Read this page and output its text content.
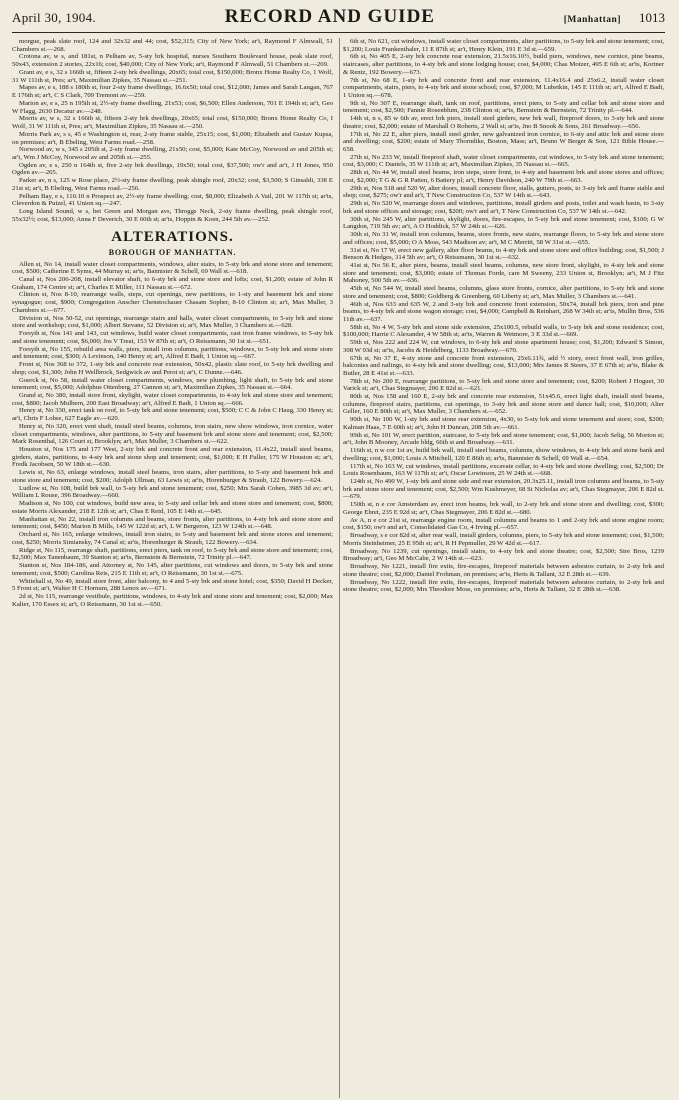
April 30, 1904.	RECORD AND GUIDE	[Manhattan] 1013

morgue, peak slate roof, 124 and 32x32 and 44; cost, $52,315; City of New York; ar't, Raymond F Almwall, 51 Chambers st.—268.

Crotona av, w s, and 181st, n Pelham av, 5-sty brk hospital, nurses Southern Boulevard house, peak slate roof, 50x43, extension 2 stories, 22x16; cost, $40,000; City of New York; ar't, Raymond F Almwall, 51 Chambers st.—269.

Grant av, e s, 32 s 166th st, fifteen 2-sty brk dwellings, 20x65; total cost, $150,000; Bronx Home Realty Co, 1 Wolf, 31 W 111th st, Pres; ar't, Maximilian Zipkes, 35 Nassau st.—251.

Mapes av, e s, 188 s 180th st, four 2-sty frame dwellings, 16.6x50; total cost, $12,000; James and Sarah Langan, 767 E 176th st; ar't, C S Clark, 709 Tremont av.—259.

Marion av, e s, 25 n 195th st, 2½-sty frame dwelling, 21x53; cost, $6,500; Ellen Anderson, 701 E 194th st; ar't, Geo W Flagg, 2630 Decatur av.—248.

Morris av, w s, 32 s 166th st, fifteen 2-sty brk dwellings, 20x65; total cost, $150,000; Bronx Home Realty Co, I Wolf, 31 W 111th st, Pres; ar't, Maximilian Zipkes, 35 Nassau st.—250.

Morris Park av, s s, 45 e Washington st, rear, 2-sty frame stable, 25x15; cost, $1,000; Elizabeth and Gustav Kupsa, on premises; ar't, B Ebeling, West Farms road.—258.

Norwood av, w s, 345 s 205th st, 2-sty frame dwelling, 21x50; cost, $5,000; Kate McCoy, Norwood av and 205th st; ar't, Wm J McCoy, Norwood av and 205th st.—255.

Ogden av, e s, 250 n 164th st, five 2-sty brk dwellings, 19x50; total cost, $37,500; ow'r and ar't, J H Jones, 950 Ogden av.—265.

Parker av, n s, 125 w Rose place, 2½-sty frame dwelling, peak shingle roof, 20x32; cost, $3,500; S Ginsaldi, 338 E 21st st; ar't, B Ebeling, West Farms road.—256.

Pelham Bay, e s, 110.10 n Prospect av, 2½-sty frame dwelling; cost, $8,000; Elizabeth A Vail, 201 W 117th st; ar'ts, Cleverdon & Putzel, 41 Union sq.—247.

Long Island Sound, w s, bet Green and Morgan avs, Throggs Neck, 2-sty frame dwelling, peak shingle roof, 55x32½; cost, $13,000; Anna F Deverich, 30 E 60th st; ar'ts, Hoppin & Koen, 244 5th av.—252.

ALTERATIONS.
BOROUGH OF MANHATTAN.

Allen st, No 14, install water closet compartments, windows, alter stairs, to 5-sty brk and stone store and tenement; cost, $500; Catherine E Syms, 44 Murray st; ar'ts, Bannister & Schell, 69 Wall st.—618.

Canal st, Nos 206-208, install elevator shaft, to 6-sty brk and stone store and lofts; cost, $1,200; estate of John R Graham, 174 Centre st; ar't, Charles E Miller, 111 Nassau st.—672.

Clinton st, Nos 8-10, rearrange walls, steps, cut openings, new partitions, to 1-sty and basement brk and stone synagogue; cost, $900; Congregation Anscher Chenstochauer Chasam Sopher, 8-10 Clinton st; ar't, Max Muller, 3 Chambers st.—677.

Division st, Nos 50-52, cut openings, rearrange stairs and halls, water closet compartments, to 5-sty brk and stone store and workshop; cost, $1,000; Albert Stevane, 52 Division st; ar't, Max Muller, 3 Chambers st.—628.

Forsyth st, Nos 141 and 143, cut windows, build water closet compartments, cast iron frame windows, to 5-sty brk and stone tenement; cost, $6,000; Jos V Treat, 153 W 87th st; ar't, O Reissmann, 30 1st st.—651.

Forsyth st, No 155, rebuild area walls, piers, install iron columns, partitions, windows, to 5-sty brk and stone store and tenement; cost, $300; A Levinson, 140 Henry st; ar't, Alfred E Badt, 1 Union sq.—667.

Front st, Nos 368 to 372, 1-sty brk and concrete rear extension, 50x42, plastic slate roof, to 5-sty brk dwelling and shop; cost, $1,300; John H Wellbrock, Sedgwick av and Perot st; ar't, C Dunne.—646.

Goerck st, No 58, install water closet compartments, windows, new plumbing, light shaft, to 5-sty brk and stone tenement; cost, $5,000; Adolphus Ottenberg, 27 Cannon st; ar't, Maximilian Zipkes, 35 Nassau st.—664.

Grand st, No 380, install store front, skylight, water closet compartments, to 4-sty brk and stone store and tenement; cost, $800; Jacob Mulbern, 200 East Broadway; ar't, Alfred E Badt, 1 Union sq.—666.

Henry st, No 330, erect tank on roof, to 5-sty brk and stone tenement; cost, $500; C C & John C Haug, 330 Henry st; ar't, Chris F Lohse, 627 Eagle av.—620.

Henry st, No 320, erect vent shaft, install steel beams, columns, iron stairs, new show windows, iron cornice, water closet compartments, windows, alter partitions, to 5-sty and basement brk and stone store and tenement; cost, $2,500; Mark Rosenthal, 126 Court st, Brooklyn; ar't, Max Muller, 3 Chambers st.—622.

Houston st, Nos 175 and 177 West, 2-sty brk and concrete front and rear extension, 11.4x22, install steel beams, girders, stairs, partitions, to 4-sty brk and stone shop and tenement; cost, $1,000; E H Fuller, 175 W Houston st; ar't, Fredk Jacobsen, 50 W 18th st.—630.

Lewis st, No 63, enlarge windows, install steel beams, iron stairs, alter partitions, to 5-sty and basement brk and stone store and tenement; cost, $200; Adolph Ullman, 63 Lewis st; ar'ts, Horenburger & Straub, 122 Bowery.—624.

Ludlow st, No 108, build brk wall, to 5-sty brk and stone tenement; cost, $250; Mrs Sarah Cohen, 3985 3d av; ar't, William L Rouse, 396 Broadway.—660.

Madison st, No 100, cut windows, build new area, to 5-sty and cellar brk and stone store and tenement; cost, $800; estate Morris Alexander, 218 E 12th st; ar't, Chas E Reid, 105 E 14th st.—645.

Manhattan st, No 22, install iron columns and beams, store fronts, alter partitions, to 4-sty brk and stone store and tenement; cost, $450; Marion B Mills, 145 W 122d st; ar't, L W Bergeron, 123 W 124th st.—648.

Orchard st, No 165, enlarge windows, install iron stairs, to 5-sty and basement brk and stone stores and tenement; cost, $250; Morris Simiansky, 74 Canal st; ar'ts, Horenburger & Straub, 122 Bowery.—634.

Ridge st, No 115, rearrange shaft, partitions, erect piers, tank on roof, to 5-sty brk and stone store and tenement; cost, $2,500; Max Tanenbaum, 39 Stanton st; ar'ts, Bernstein & Bernstein, 72 Trinity pl.—647.

Stanton st, Nos 184-186, and Attorney st, No 145, alter partitions, cut windows and doors, to 5-sty brk and stone tenement; cost, $500; Carolina Reis, 215 E 11th st; ar't, O Reissmann, 30 1st st.—675.

Whitehall st, No 49, install store front, alter balcony, to 4 and 5-sty brk and stone hotel; cost, $350; David H Decker, 5 Front st; ar't, Walter H C Hornum, 288 Lenox av.—671.

2d st, No 115, rearrange vestibule, partitions, windows, to 4-sty brk and stone store and tenement; cost, $2,000; Max Kalter, 170 Essex st; ar't, O Reissmann, 30 1st st.—650.

6th st, No 621, cut windows, install water closet compartments, alter partitions, to 5-sty brk and stone tenement; cost, $1,200; Louis Frankenthaler, 11 E 87th st; ar't, Henry Klein, 191 E 3d st.—659.

6th st, No 405 E, 2-sty brk concrete rear extension, 21.5x16.10½, build piers, windows, new cornice, pine beams, staircases, alter partitions, to 4-sty brk and stone lodging house; cost, $4,000; Chas Motzer, 495 E 6th st; ar'ts, Kortner & Rentz, 192 Bowery.—673.

7th st, No 68 E, 1-sty brk and concrete front and rear extension, 11.4x16.4 and 25x6.2, install water closet compartments, stairs, piers, to 4-sty brk and stone school; cost, $7,000; M Lubetkin, 145 E 111th st; ar't, Alfred E Badt, 1 Union sq.—678.

9th st, No 307 E, rearrange shaft, tank on roof, partitions, erect piers, to 5-sty and cellar brk and stone store and tenement; cost, $2,500; Fannie Rosenblum, 238 Clinton st; ar'ts, Bernstein & Bernstein, 72 Trinity pl.—644.

14th st, n s, 85 w 6th av, erect brk piers, install steel girders, new brk wall, fireproof doors, to 3-sty brk and stone theatre; cost, $2,000; estate of Marshall O Roberts, 2 Wall st; ar'ts, Jno B Snook & Sons, 261 Broadway.—656.

17th st, No 22 E, alter piers, install steel girder, new galvanized iron cornice, to 6-sty and attic brk and stone store and dwelling; cost, $200; estate of Mary Thorndike, Boston, Mass; ar't, Bruno W Berger & Son, 121 Bible House.—658.

27th st, No 233 W, install fireproof shaft, water closet compartments, cut windows, to 5-sty brk and stone tenement; cost, $3,000; C Daniels, 35 W 111th st; ar't, Maximilian Zipkes, 35 Nassau st.—665.

28th st, No 44 W, install steel beams, iron steps, store front, to 4-sty and basement brk and stone stores and offices; cost, $2,000; T G & G R Patten, 6 Battery pl; ar't, Henry Davidson, 240 W 79th st.—663.

29th st, Nos 518 and 520 W, alter doors, install concrete floor, stalls, gutters, posts, to 3-sty brk and frame stable and shop; cost, $275; ow'r and ar't, T New Construction Co, 537 W 14th st.—643.

29th st, No 520 W, rearrange doors and windows, partitions, install girders and posts, toilet and wash basin, to 3-sty brk and stone offices and storage; cost, $200; ow'r and ar't, T New Construction Co, 537 W 14th st.—642.

30th st, No 245 W, alter partitions, skylight, doors, fire-escapes, to 5-sty brk and stone tenement; cost, $100; G W Langdon, 719 5th av; ar't, A O Hoddick, 57 W 24th st.—626.

30th st, No 31 W, install iron columns, beams, store fronts, new stairs, rearrange floors, to 5-sty brk and stone store and offices; cost, $5,000; O A Moss, 543 Madison av; ar't, M C Merritt, 58 W 31st st.—655.

31st st, No 17 W, erect new gallery, alter floor beams, to 4-sty brk and stone store and office building; cost, $1,500; J Benson & Hedges, 314 5th av; ar't, O Reissmann, 30 1st st.—632.

41st st, No 56 E, alter piers, beams, install steel beams, columns, new store front, skylight, to 4-sty brk and stone store and tenement; cost, $3,000; estate of Thomas Forde, care M Sweeny, 233 Union st, Brooklyn; ar't, M J Fitz Mahoney, 500 5th av.—636.

45th st, No 544 W, install steel beams, columns, glass store fronts, cornice, alter partitions, to 5-sty brk and stone store and tenement; cost, $800; Goldberg & Greenberg, 60 Liberty st; ar't, Max Muller, 3 Chambers st.—641.

46th st, Nos 633 and 635 W, 2 and 3-sty brk and concrete front extension, 50x74, install brk piers, iron and pine beams, to 4-sty brk and stone wagon storage; cost, $4,000; Campbell & Reinhart, 268 W 34th st; ar'ts, Mullin Bros, 536 11th av.—637.

58th st, No 4 W, 5-sty brk and stone side extension, 25x100.5, rebuild walls, to 5-sty brk and stone residence; cost, $100,000; Harrie C Alexander, 4 W 58th st; ar'ts, Warren & Wetmore, 3 E 33d st.—669.

59th st, Nos 222 and 224 W, cut windows, to 6-sty brk and stone apartment house; cost, $1,200; Edward S Simon, 308 W 93d st; ar'ts, Jacobs & Heidelberg, 1133 Broadway.—670.

67th st, No 37 E, 4-sty stone and concrete front extension, 25x6.11¾, add ½ story, erect front wall, iron grilles, balconies and railings, to 4-sty brk and stone dwelling; cost, $13,000; Mrs James R Steers, 37 E 67th st; ar'ts, Blake & Butler, 28 E 41st st.—633.

78th st, No 200 E, rearrange partitions, to 5-sty brk and stone store and tenement; cost, $200; Robert J Hoguet, 30 Varick st; ar't, Chas Stegmayer, 206 E 82d st.—621.

80th st, Nos 158 and 160 E, 2-sty brk and concrete rear extension, 51x45.6, erect light shaft, install steel beams, columns, fireproof stairs, partitions, cut openings, to 3-sty brk and stone store and dance hall; cost, $10,000; Alter Geller, 160 E 80th st; ar't, Max Muller, 3 Chambers st.—652.

90th st, No 100 W, 1-sty brk and stone rear extension, 4x30, to 5-sty brk and stone tenement and store; cost, $200; Kalman Haas, 7 E 60th st; ar't, John H Duncan, 208 5th av.—661.

99th st, No 101 W, erect partition, staircase, to 5-sty brk and stone tenement; cost, $1,000; Jacob Selig, 56 Morton st; ar't, John B Mooney, Arcade bldg, 66th st and Broadway.—631.

116th st, n w cor 1st av, build brk wall, install steel beams, columns, show windows, to 4-sty brk and stone bank and dwelling; cost, $1,000; Louis A Mitchell, 120 E 86th st; ar'ts, Bannister & Schell, 69 Wall st.—654.

117th st, No 163 W, cut windows, install partitions, excavate cellar, to 4-sty brk and stone dwelling; cost, $2,500; Dr Louis Rosenbaum, 163 W 117th st; ar't, Oscar Lowinson, 25 W 24th st.—668.

124th st, No 490 W, 1-sty brk and stone side and rear extension, 20.3x25.11, install iron columns and beams, to 5-sty brk and stone store and tenement; cost, $2,500; Wm Kushmeyer, 68 St Nicholas av; ar't, Chas Stegmayer, 206 E 82d st.—679.

150th st, n e cor Amsterdam av, erect iron beams, brk wall, to 2-sty brk and stone store and dwelling; cost, $300; George Ehret, 235 E 92d st; ar't, Chas Stegmayer, 206 E 82d st.—680.

Av A, n e cor 21st st, rearrange engine room, install columns and beams to 1 and 2-sty brk and stone engine room; cost, $150; ow'r and ar't, Consolidated Gas Co, 4 Irving pl.—657.

Broadway, s e cor 82d st, alter rear wall, install girders, columns, piers, to 5-sty brk and stone tenement; cost, $1,500; Morris Steinheimer, 25 E 95th st; ar't, R H Pepmuller, 29 W 42d st.—617.

Broadway, No 1239, cut openings, install stairs, to 4-sty brk and stone theatre; cost, $2,500; Sire Bros, 1239 Broadway; ar't, Geo M McCabe, 2 W 14th st.—623.

Broadway, No 1221, install fire exits, fire-escapes, fireproof materials between asbestos curtain, to 2-sty brk and stone theatre; cost, $2,000; Daniel Frohman, on premises; ar'ts, Herts & Tallant, 32 E 28th st.—639.

Broadway, No 1222, install fire exits, fire-escapes, fireproof materials between asbestos curtain, to 2-sty brk and stone theatre; cost, $2,000; Mrs Theodore Moss, on premises; ar'ts, Herts & Tallant, 32 E 28th st.—638.
